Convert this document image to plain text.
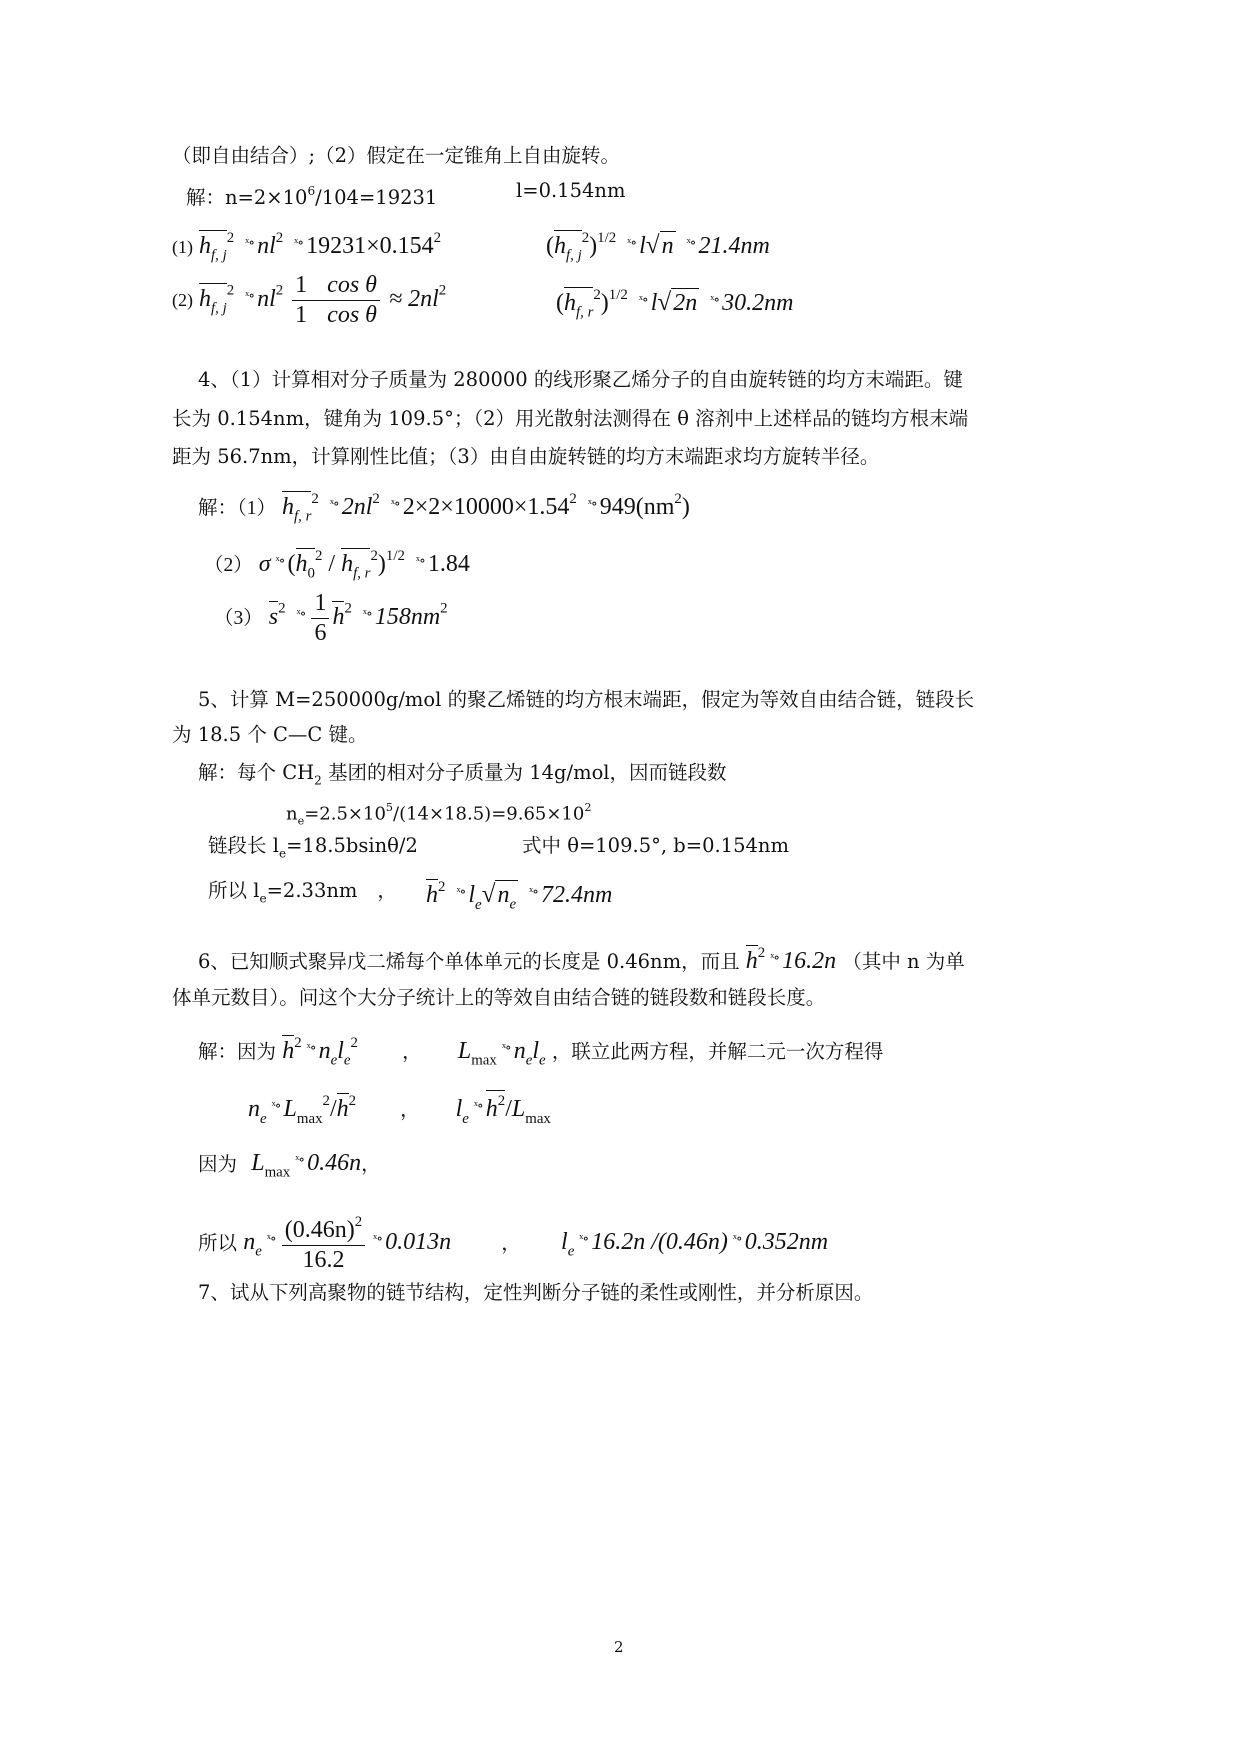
（即自由结合）;（2）假定在一定锥角上自由旋转。
解：$n=2\times 10^6/104=19231$	l=0.154nm
(1) $h_{f, j}^2$ $^{ˣ\circ}$ $nl^2$ $^{ˣ\circ}$ $19231\times 0.154^2$	$(h_{f, j}^2)^{1/2}$ $^{ˣ\circ}$ l√n $^{ˣ\circ}$ 21.4nm
(2) $h_{f, j}^2$ $^{ˣ\circ}$ $nl^2 \frac{\text{1 cos θ}}{\text{1 cos θ}} \approx 2nl^2$	$(h_{f, r}^2)^{1/2}$ $^{ˣ\circ}$ l√2n $^{ˣ\circ}$ 30.2nm
4、（1）计算相对分子质量为 280000 的线形聚乙烯分子的自由旋转链的均方末端距。键
长为 0.154nm，键角为 109.5°；（2）用光散射法测得在 θ 溶剂中上述样品的链均方根末端
距为 56.7nm，计算刚性比值；（3）由自由旋转链的均方末端距求均方旋转半径。
解：（1） $h_{f, r}^2$ $^{ˣ\circ}$ $2nl^2$ $^{ˣ\circ}$ $2\times 2\times 10000\times 1.54^2$ $^{ˣ\circ}$ $949(nm^2)$
（2） σ $^{ˣ\circ}$ $(h_0^2 / h_{f, r}^2)^{1/2}$ $^{ˣ\circ}$ 1.84
（3） $s^2$ $^{ˣ\circ} \frac{1}{6} h^2$ $^{ˣ\circ}$ $158nm^2$
5、计算 M=250000g/mol 的聚乙烯链的均方根末端距，假定为等效自由结合链，链段长
为 18.5 个 C—C 键。
解：每个 $CH_2$ 基团的相对分子质量为 14g/mol，因而链段数
$n_e=2.5\times 10^5/(14\times 18.5)=9.65\times 10^2$
链段长 $l_e=18.5bsin\theta/2$	式中 θ=109.5°, b=0.154nm
所以 $l_e=2.33nm$ ， $h^2$ $^{ˣ\circ}$ $l_e√n_e$ $^{ˣ\circ}$ 72.4nm
6、已知顺式聚异戊二烯每个单体单元的长度是 0.46nm，而且 $h^2$ $^{ˣ\circ}$ 16.2n （其中 n 为单
体单元数目）。问这个大分子统计上的等效自由结合链的链段数和链段长度。
解：因为 $h^2$ $^{ˣ\circ}$ $n_el_e^2$ ， $L_{max}^{ˣ\circ}$ $n_el_e$ ，联立此两方程，并解二元一次方程得
$n_e^{ˣ\circ}$ $L_{max}^2/h^2$ ， $l_e^{ˣ\circ}$ $h^2/L_{max}$
因为 $L_{max}^{ˣ\circ}$ 0.46n，
所以 $n_e^{ˣ\circ} \frac{(0.46n)^2}{16.2} ^{ˣ\circ}$ 0.013n	， $l_e^{ˣ\circ}$ 16.2n /(0.46n) $^{ˣ\circ}$ 0.352nm
7、试从下列高聚物的链节结构，定性判断分子链的柔性或刚性，并分析原因。
2
